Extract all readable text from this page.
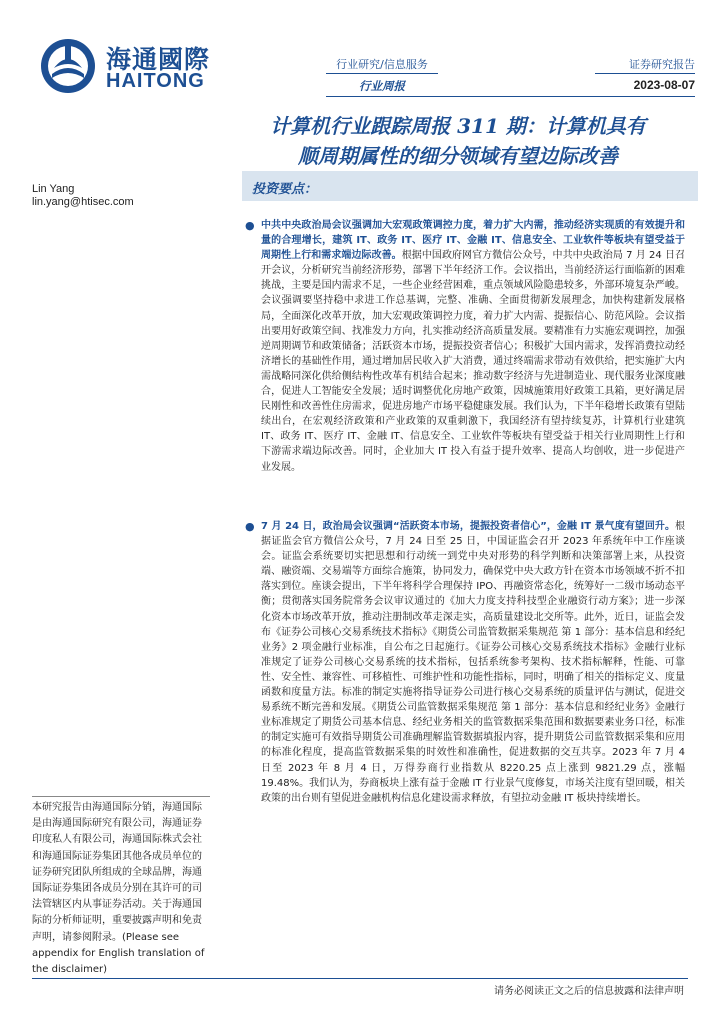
海通國際
HAITONG
行业研究/信息服务
行业周报
证券研究报告
2023-08-07
计算机行业跟踪周报 311 期：计算机具有
顺周期属性的细分领域有望边际改善
Lin Yang
lin.yang@htisec.com
投资要点：
● 中共中央政治局会议强调加大宏观政策调控力度，着力扩大内需，推动经济实现质的有效提升和量的合理增长，建筑 IT、政务 IT、医疗 IT、金融 IT、信息安全、工业软件等板块有望受益于周期性上行和需求端边际改善。根据中国政府网官方微信公众号，中共中央政治局 7 月 24 日召开会议，分析研究当前经济形势，部署下半年经济工作。会议指出，当前经济运行面临新的困难挑战，主要是国内需求不足，一些企业经营困难，重点领域风险隐患较多，外部环境复杂严峻。会议强调要坚持稳中求进工作总基调，完整、准确、全面贯彻新发展理念，加快构建新发展格局，全面深化改革开放，加大宏观政策调控力度，着力扩大内需、提振信心、防范风险。会议指出要用好政策空间、找准发力方向，扎实推动经济高质量发展。要精准有力实施宏观调控，加强逆周期调节和政策储备；活跃资本市场，提振投资者信心；积极扩大国内需求，发挥消费拉动经济增长的基础性作用，通过增加居民收入扩大消费，通过终端需求带动有效供给，把实施扩大内需战略同深化供给侧结构性改革有机结合起来；推动数字经济与先进制造业、现代服务业深度融合，促进人工智能安全发展；适时调整优化房地产政策，因城施策用好政策工具箱，更好满足居民刚性和改善性住房需求，促进房地产市场平稳健康发展。我们认为，下半年稳增长政策有望陆续出台，在宏观经济政策和产业政策的双重刺激下，我国经济有望持续复苏，计算机行业建筑 IT、政务 IT、医疗 IT、金融 IT、信息安全、工业软件等板块有望受益于相关行业周期性上行和下游需求端边际改善。同时，企业加大 IT 投入有益于提升效率、提高人均创收，进一步促进产业发展。

● 7 月 24 日，政治局会议强调“活跃资本市场，提振投资者信心”，金融 IT 景气度有望回升。根据证监会官方微信公众号，7 月 24 日至 25 日，中国证监会召开 2023 年系统年中工作座谈会。证监会系统要切实把思想和行动统一到党中央对形势的科学判断和决策部署上来，从投资端、融资端、交易端等方面综合施策，协同发力，确保党中央大政方针在资本市场领域不折不扣落实到位。座谈会提出，下半年将科学合理保持 IPO、再融资常态化，统筹好一二级市场动态平衡；贯彻落实国务院常务会议审议通过的《加大力度支持科技型企业融资行动方案》；进一步深化资本市场改革开放，推动注册制改革走深走实，高质量建设北交所等。此外，近日，证监会发布《证券公司核心交易系统技术指标》《期货公司监管数据采集规范 第 1 部分：基本信息和经纪业务》2 项金融行业标准，自公布之日起施行。《证券公司核心交易系统技术指标》金融行业标准规定了证券公司核心交易系统的技术指标，包括系统参考架构、技术指标解释，性能、可靠性、安全性、兼容性、可移植性、可维护性和功能性指标，同时，明确了相关的指标定义、度量函数和度量方法。标准的制定实施将指导证券公司进行核心交易系统的质量评估与测试，促进交易系统不断完善和发展。《期货公司监管数据采集规范 第 1 部分：基本信息和经纪业务》金融行业标准规定了期货公司基本信息、经纪业务相关的监管数据采集范围和数据要素业务口径，标准的制定实施可有效指导期货公司准确理解监管数据填报内容，提升期货公司监管数据采集和应用的标准化程度，提高监管数据采集的时效性和准确性，促进数据的交互共享。2023 年 7 月 4 日至 2023 年 8 月 4 日，万得券商行业指数从 8220.25 点上涨到 9821.29 点，涨幅 19.48%。我们认为，券商板块上涨有益于金融 IT 行业景气度修复，市场关注度有望回暖，相关政策的出台则有望促进金融机构信息化建设需求释放，有望拉动金融 IT 板块持续增长。

本研究报告由海通国际分销，海通国际是由海通国际研究有限公司，海通证券印度私人有限公司，海通国际株式会社和海通国际证券集团其他各成员单位的证券研究团队所组成的全球品牌，海通国际证券集团各成员分别在其许可的司法管辖区内从事证券活动。关于海通国际的分析师证明，重要披露声明和免责声明，请参阅附录。(Please see appendix for English translation of the disclaimer)
请务必阅读正文之后的信息披露和法律声明
